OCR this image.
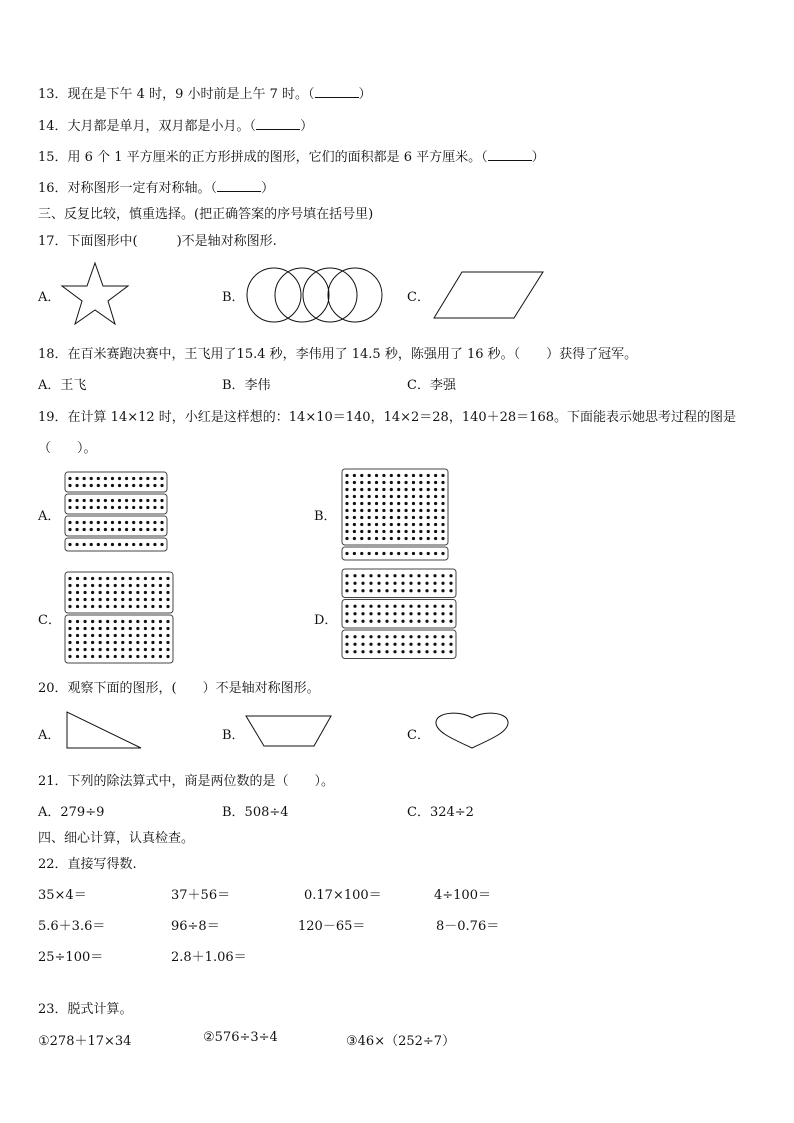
13．现在是下午 4 时，9 小时前是上午 7 时。（	）
14．大月都是单月，双月都是小月。（	）
15．用 6 个 1 平方厘米的正方形拼成的图形，它们的面积都是 6 平方厘米。（	）
16．对称图形一定有对称轴。（	）
三、反复比较，慎重选择。(把正确答案的序号填在括号里)
17．下面图形中(　　　)不是轴对称图形.
A．	B．	C．
18．在百米赛跑决赛中，王飞用了15.4 秒，李伟用了 14.5 秒，陈强用了 16 秒。（　　）获得了冠军。
A．王飞	B．李伟	C．李强
19．在计算 14×12 时，小红是这样想的：14×10＝140，14×2＝28，140＋28＝168。下面能表示她思考过程的图是
（　　）。
A．	B．
C．	D．
20．观察下面的图形，(　　）不是轴对称图形。
A．	B．	C．
21．下列的除法算式中，商是两位数的是（　　）。
A．279÷9	B．508÷4	C．324÷2
四、细心计算，认真检查。
22．直接写得数.
35×4＝	37＋56＝	0.17×100＝	4÷100＝
5.6＋3.6＝	96÷8＝	120－65＝	8－0.76＝
25÷100＝	2.8＋1.06＝
23．脱式计算。
①278＋17×34	②576÷3÷4	③46×（252÷7）
